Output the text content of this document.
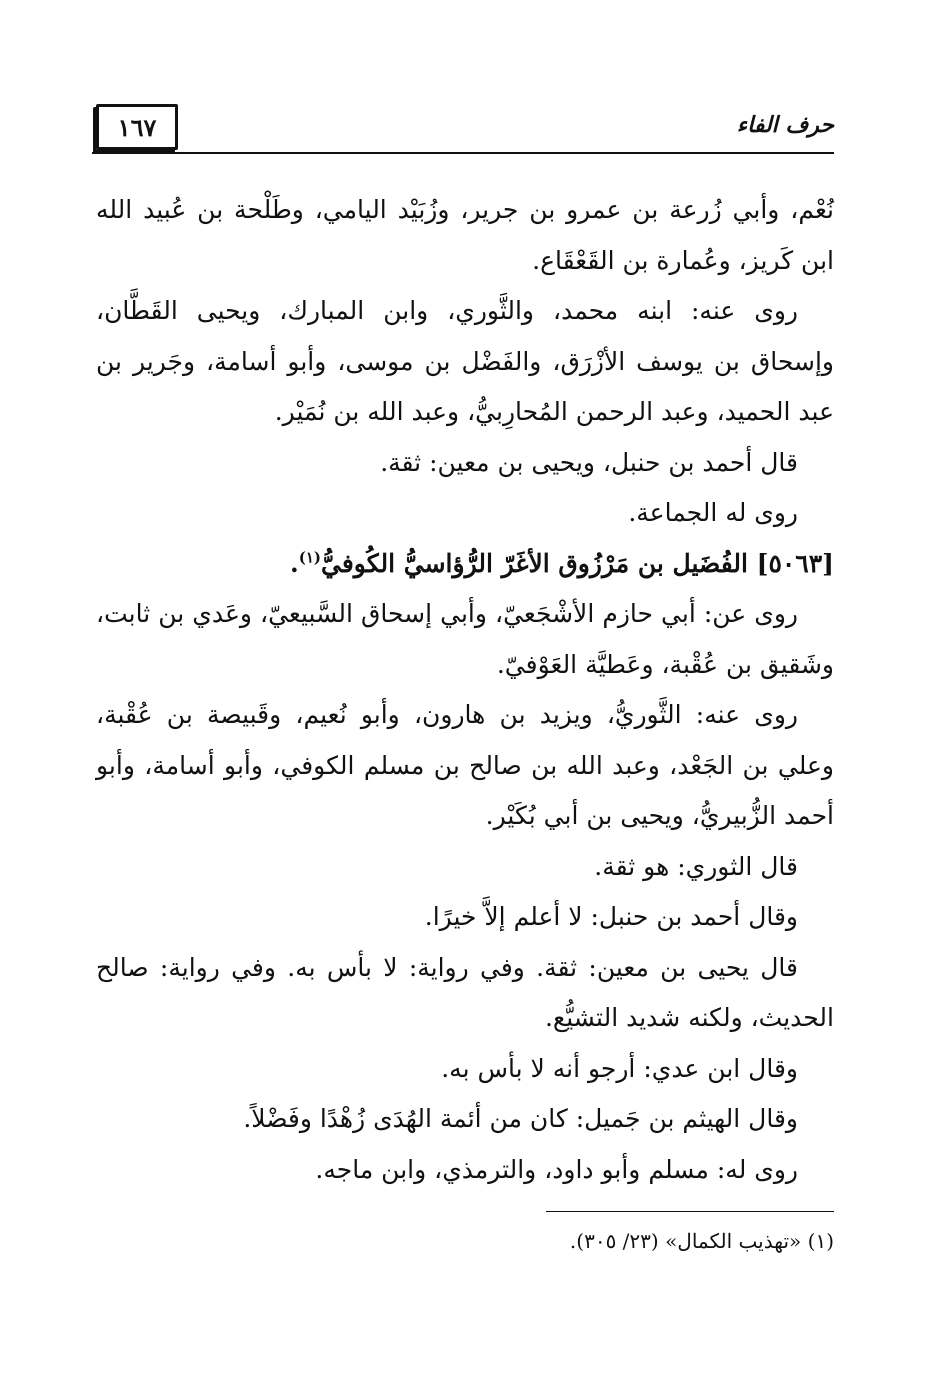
١٦٧	حرف الفاء

نُعْم، وأبي زُرعة بن عمرو بن جرير، وزُبَيْد اليامي، وطَلْحة بن عُبيد الله ابن كَريز، وعُمارة بن القَعْقَاع.

روى عنه: ابنه محمد، والثَّوري، وابن المبارك، ويحيى القَطَّان، وإسحاق بن يوسف الأزْرَق، والفَضْل بن موسى، وأبو أسامة، وجَرير بن عبد الحميد، وعبد الرحمن المُحارِبيُّ، وعبد الله بن نُمَيْر.

قال أحمد بن حنبل، ويحيى بن معين: ثقة.

روى له الجماعة.

[٥٠٦٣] الفُضَيل بن مَرْزُوق الأغَرّ الرُّؤاسيُّ الكُوفيُّ$^{(١)}$.

روى عن: أبي حازم الأشْجَعيّ، وأبي إسحاق السَّبيعيّ، وعَدي بن ثابت، وشَقيق بن عُقْبة، وعَطيَّة العَوْفيّ.

روى عنه: الثَّوريُّ، ويزيد بن هارون، وأبو نُعيم، وقَبيصة بن عُقْبة، وعلي بن الجَعْد، وعبد الله بن صالح بن مسلم الكوفي، وأبو أسامة، وأبو أحمد الزُّبيريُّ، ويحيى بن أبي بُكَيْر.

قال الثوري: هو ثقة.

وقال أحمد بن حنبل: لا أعلم إلاَّ خيرًا.

قال يحيى بن معين: ثقة. وفي رواية: لا بأس به. وفي رواية: صالح الحديث، ولكنه شديد التشيُّع.

وقال ابن عدي: أرجو أنه لا بأس به.

وقال الهيثم بن جَميل: كان من أئمة الهُدَى زُهْدًا وفَضْلاً.

روى له: مسلم وأبو داود، والترمذي، وابن ماجه.

(١) «تهذيب الكمال» (٢٣/ ٣٠٥).
